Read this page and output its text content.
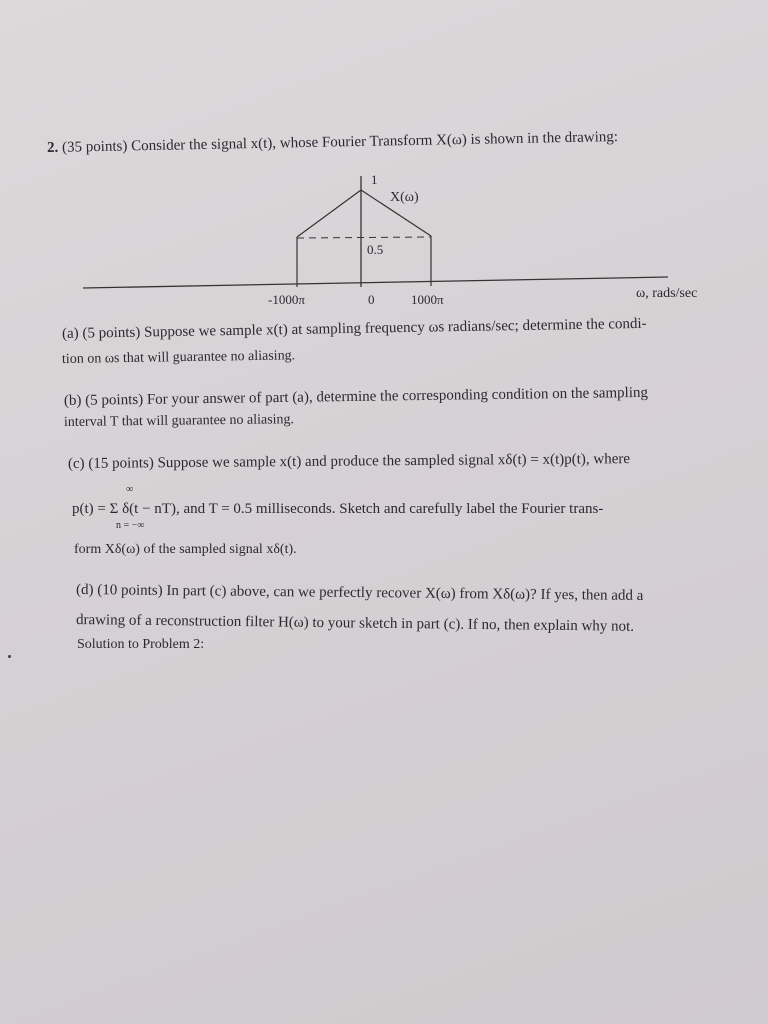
2. (35 points) Consider the signal x(t), whose Fourier Transform X(ω) is shown in the drawing:
1
X(ω)
0.5
-1000π	0	1000π	ω, rads/sec
(a) (5 points) Suppose we sample x(t) at sampling frequency ωs radians/sec; determine the condi-
tion on ωs that will guarantee no aliasing.
(b) (5 points) For your answer of part (a), determine the corresponding condition on the sampling
interval T that will guarantee no aliasing.
(c) (15 points) Suppose we sample x(t) and produce the sampled signal xδ(t) = x(t)p(t), where
∞
p(t) = Σ δ(t − nT), and T = 0.5 milliseconds. Sketch and carefully label the Fourier trans-
n = −∞
form Xδ(ω) of the sampled signal xδ(t).
(d) (10 points) In part (c) above, can we perfectly recover X(ω) from Xδ(ω)? If yes, then add a
drawing of a reconstruction filter H(ω) to your sketch in part (c). If no, then explain why not.
Solution to Problem 2:
